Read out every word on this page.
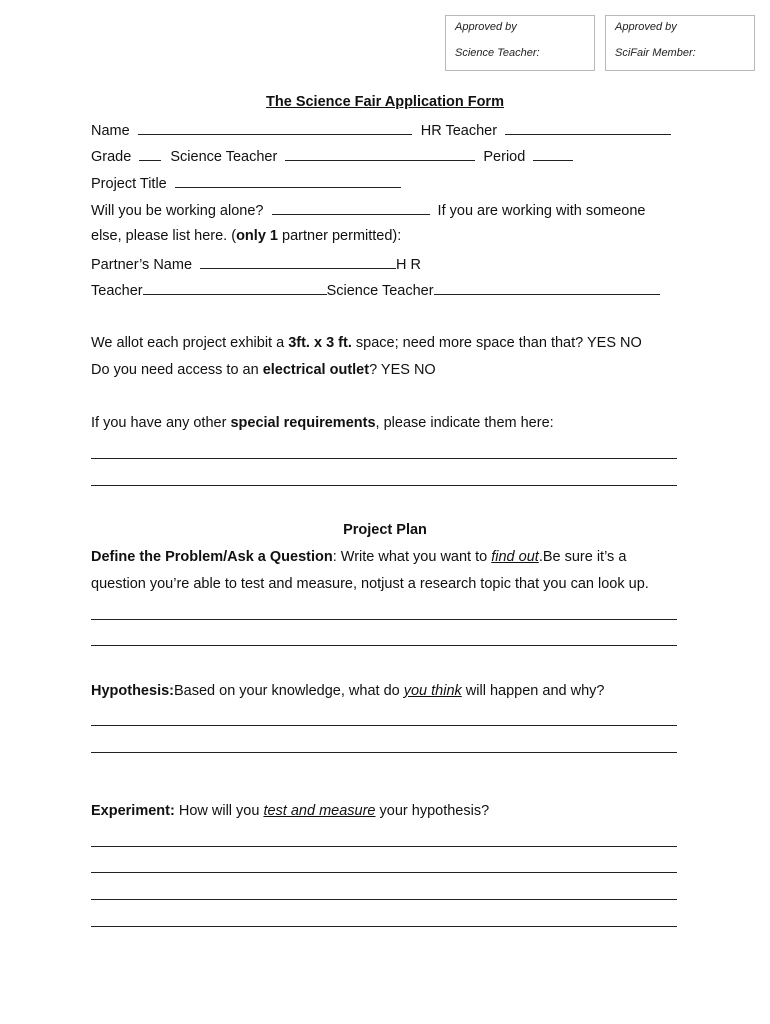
Approved by
Science Teacher:
Approved by
SciFair Member:
The Science Fair Application Form
Name	HR Teacher
Grade	Science Teacher	Period
Project Title
Will you be working alone?	If you are working with someone
else, please list here. (only 1 partner permitted):
Partner’s Name	H R
Teacher	Science Teacher
We allot each project exhibit a 3ft. x 3 ft. space; need more space than that? YES NO
Do you need access to an electrical outlet? YES NO
If you have any other special requirements, please indicate them here:
Project Plan
Define the Problem/Ask a Question: Write what you want to find out.Be sure it’s a
question you’re able to test and measure, notjust a research topic that you can look up.
Hypothesis:Based on your knowledge, what do you think will happen and why?
Experiment: How will you test and measure your hypothesis?
